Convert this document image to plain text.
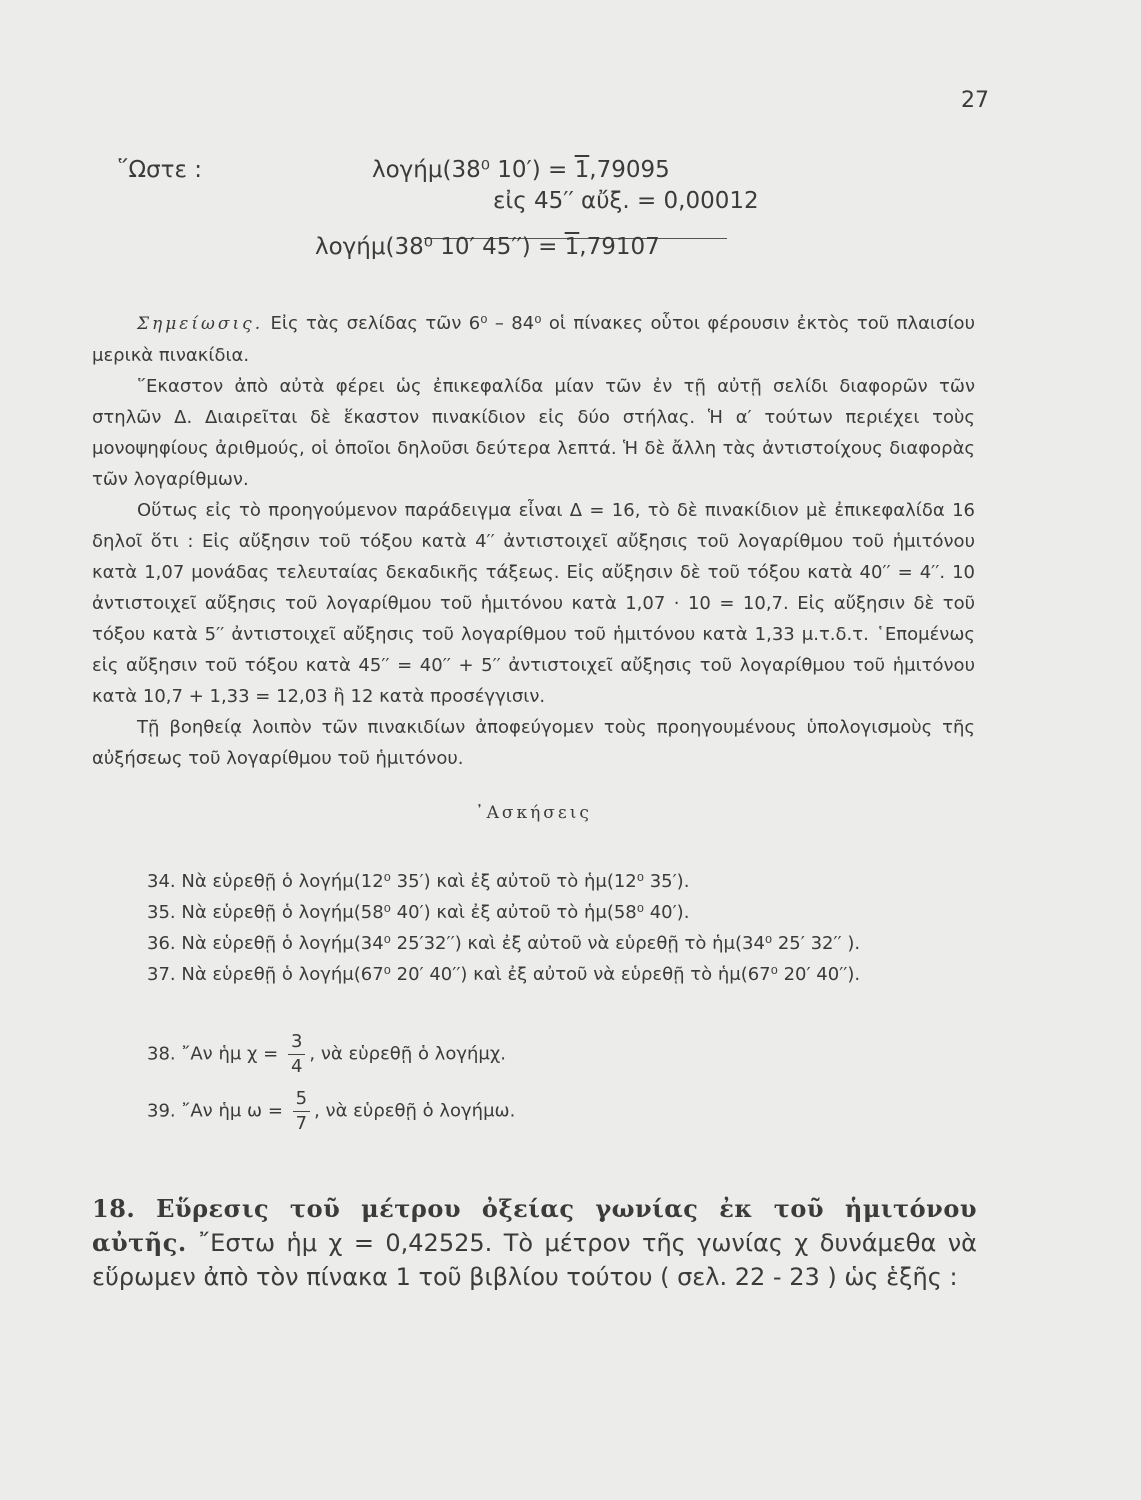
27
῞Ωστε :	λογήμ(38⁰ 10′) = 1,79095
εἰς 45′′ αὔξ. = 0,00012
λογήμ(38⁰ 10′ 45′′) = 1,79107

Σημείωσις. Εἰς τὰς σελίδας τῶν 6⁰ – 84⁰ οἱ πίνακες οὗτοι φέρουσιν ἐκτὸς τοῦ πλαισίου μερικὰ πινακίδια.

῞Εκαστον ἀπὸ αὐτὰ φέρει ὡς ἐπικεφαλίδα μίαν τῶν ἐν τῇ αὐτῇ σελίδι διαφορῶν τῶν στηλῶν Δ. Διαιρεῖται δὲ ἕκαστον πινακίδιον εἰς δύο στήλας. Ἡ α′ τούτων περιέχει τοὺς μονοψηφίους ἀριθμούς, οἱ ὁποῖοι δηλοῦσι δεύτερα λεπτά. Ἡ δὲ ἄλλη τὰς ἀντιστοίχους διαφορὰς τῶν λογαρίθμων.

Οὕτως εἰς τὸ προηγούμενον παράδειγμα εἶναι Δ = 16, τὸ δὲ πινακίδιον μὲ ἐπικεφαλίδα 16 δηλοῖ ὅτι : Εἰς αὔξησιν τοῦ τόξου κατὰ 4′′ ἀντιστοιχεῖ αὔξησις τοῦ λογαρίθμου τοῦ ἡμιτόνου κατὰ 1,07 μονάδας τελευταίας δεκαδικῆς τάξεως. Εἰς αὔξησιν δὲ τοῦ τόξου κατὰ 40′′ = 4′′. 10 ἀντιστοιχεῖ αὔξησις τοῦ λογαρίθμου τοῦ ἡμιτόνου κατὰ 1,07 · 10 = 10,7. Εἰς αὔξησιν δὲ τοῦ τόξου κατὰ 5′′ ἀντιστοιχεῖ αὔξησις τοῦ λογαρίθμου τοῦ ἡμιτόνου κατὰ 1,33 μ.τ.δ.τ. ῾Επομένως εἰς αὔξησιν τοῦ τόξου κατὰ 45′′ = 40′′ + 5′′ ἀντιστοιχεῖ αὔξησις τοῦ λογαρίθμου τοῦ ἡμιτόνου κατὰ 10,7 + 1,33 = 12,03 ἢ 12 κατὰ προσέγγισιν.

Τῇ βοηθείᾳ λοιπὸν τῶν πινακιδίων ἀποφεύγομεν τοὺς προηγουμένους ὑπολογισμοὺς τῆς αὐξήσεως τοῦ λογαρίθμου τοῦ ἡμιτόνου.

᾿Ασκήσεις

34. Νὰ εὑρεθῇ ὁ λογήμ(12⁰ 35′) καὶ ἐξ αὐτοῦ τὸ ἡμ(12⁰ 35′).

35. Νὰ εὑρεθῇ ὁ λογήμ(58⁰ 40′) καὶ ἐξ αὐτοῦ τὸ ἡμ(58⁰ 40′).

36. Νὰ εὑρεθῇ ὁ λογήμ(34⁰ 25′32′′) καὶ ἐξ αὐτοῦ νὰ εὑρεθῇ τὸ ἡμ(34⁰ 25′ 32′′ ).

37. Νὰ εὑρεθῇ ὁ λογήμ(67⁰ 20′ 40′′) καὶ ἐξ αὐτοῦ νὰ εὑρεθῇ τὸ ἡμ(67⁰ 20′ 40′′).

38. ῎Αν ἡμ $\chi = \frac{3}{4}$ , νὰ εὑρεθῇ ὁ λογήμχ.
39. ῎Αν ἡμ $\omega = \frac{5}{7}$ , νὰ εὑρεθῇ ὁ λογήμω.
18. Εὕρεσις τοῦ μέτρου ὀξείας γωνίας ἐκ τοῦ ἡμιτόνου αὐτῆς. ῎Εστω ἡμ χ = 0,42525. Τὸ μέτρον τῆς γωνίας χ δυνάμεθα νὰ εὕρωμεν ἀπὸ τὸν πίνακα 1 τοῦ βιβλίου τούτου ( σελ. 22 - 23 ) ὡς ἑξῆς :
